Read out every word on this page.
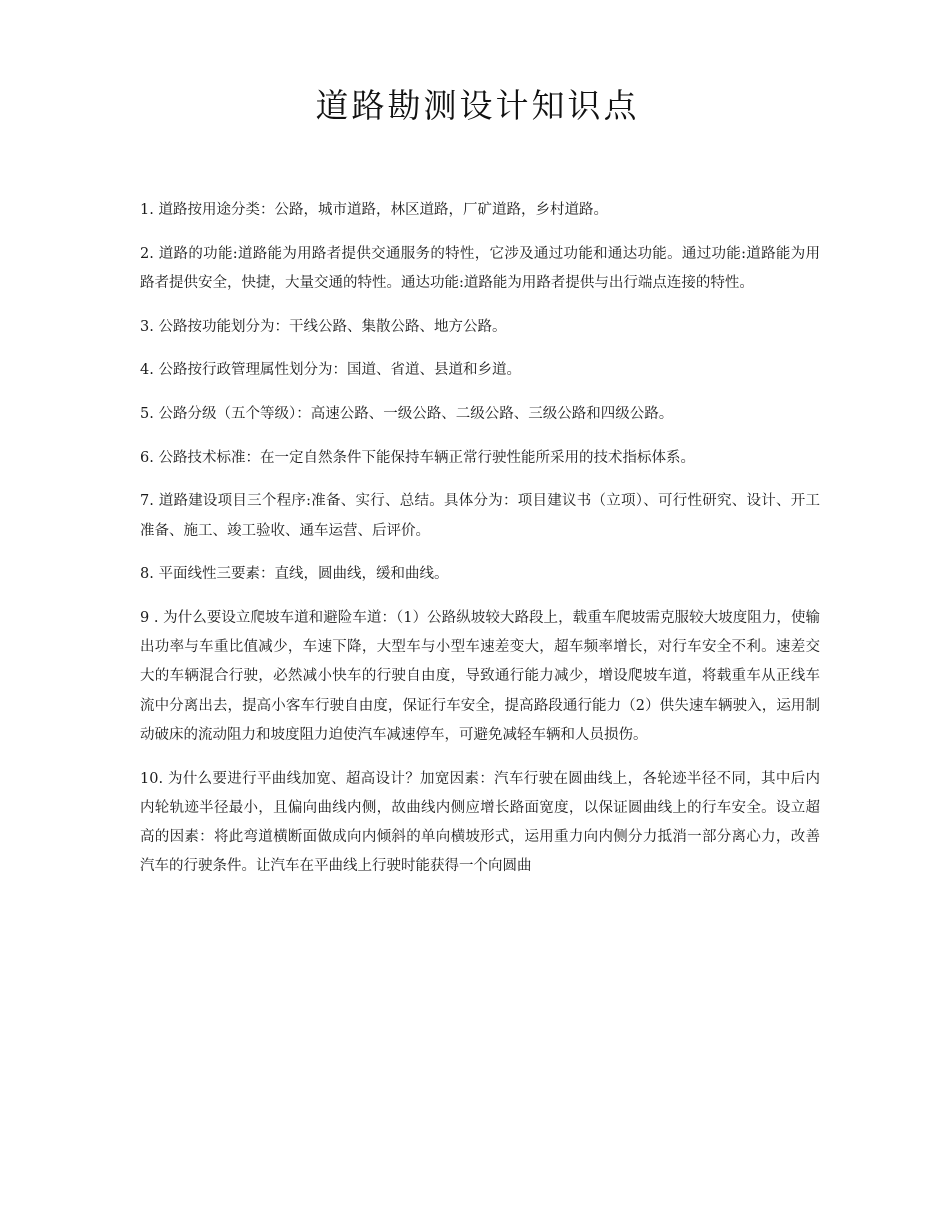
道路勘测设计知识点

1. 道路按用途分类：公路，城市道路，林区道路，厂矿道路，乡村道路。

2. 道路的功能:道路能为用路者提供交通服务的特性，它涉及通过功能和通达功能。通过功能:道路能为用路者提供安全，快捷，大量交通的特性。通达功能:道路能为用路者提供与出行端点连接的特性。

3. 公路按功能划分为：干线公路、集散公路、地方公路。

4. 公路按行政管理属性划分为：国道、省道、县道和乡道。

5. 公路分级（五个等级）：高速公路、一级公路、二级公路、三级公路和四级公路。

6. 公路技术标准：在一定自然条件下能保持车辆正常行驶性能所采用的技术指标体系。

7. 道路建设项目三个程序:准备、实行、总结。具体分为：项目建议书（立项）、可行性研究、设计、开工准备、施工、竣工验收、通车运营、后评价。

8. 平面线性三要素：直线，圆曲线，缓和曲线。

9 . 为什么要设立爬坡车道和避险车道：（1）公路纵坡较大路段上，载重车爬坡需克服较大坡度阻力，使输出功率与车重比值减少，车速下降，大型车与小型车速差变大，超车频率增长，对行车安全不利。速差交大的车辆混合行驶，必然减小快车的行驶自由度，导致通行能力减少，增设爬坡车道，将载重车从正线车流中分离出去，提高小客车行驶自由度，保证行车安全，提高路段通行能力（2）供失速车辆驶入，运用制动破床的流动阻力和坡度阻力迫使汽车减速停车，可避免减轻车辆和人员损伤。

10. 为什么要进行平曲线加宽、超高设计？加宽因素：汽车行驶在圆曲线上，各轮迹半径不同，其中后内内轮轨迹半径最小，且偏向曲线内侧，故曲线内侧应增长路面宽度，以保证圆曲线上的行车安全。设立超高的因素：将此弯道横断面做成向内倾斜的单向横坡形式，运用重力向内侧分力抵消一部分离心力，改善汽车的行驶条件。让汽车在平曲线上行驶时能获得一个向圆曲
